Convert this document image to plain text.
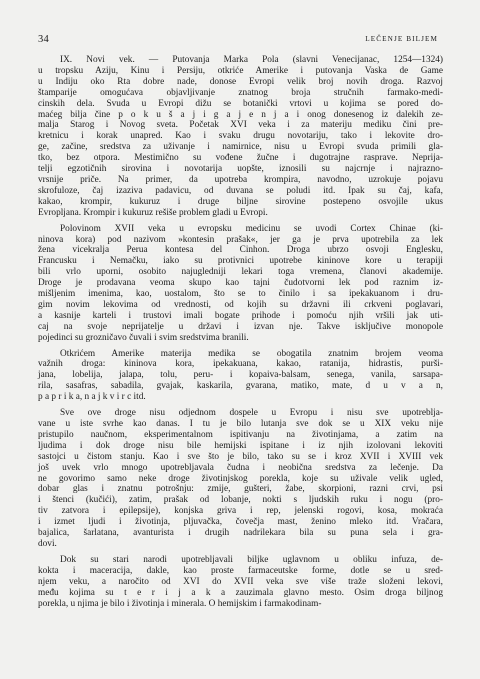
34	LEČENJE BILJEM
IX. Novi vek. — Putovanja Marka Pola (slavni Venecijanac, 1254—1324)
u tropsku Aziju, Kinu i Persiju, otkriće Amerike i putovanja Vaska de Game
u Indiju oko Rta dobre nade, donose Evropi velik broj novih droga. Razvoj
štamparije omogućava objavljivanje znatnog broja stručnih farmako-medi-
cinskih dela. Svuda u Evropi dižu se botanički vrtovi u kojima se pored do-
maćeg bilja čine p o k u š a j i g a j e n j a i onog donesenog iz dalekih ze-
malja Starog i Novog sveta. Početak XVI veka i za materiju mediku čini pre-
kretnicu i korak unapred. Kao i svaku drugu novotariju, tako i lekovite dro-
ge, začine, sredstva za uživanje i namirnice, nisu u Evropi svuda primili gla-
tko, bez otpora. Mestimično su vođene žučne i dugotrajne rasprave. Neprija-
telji egzotičnih sirovina i novotarija uopšte, iznosili su najcrnje i najrazno-
vrsnije priče. Na primer, da upotreba krompira, navodno, uzrokuje pojavu
skrofuloze, čaj izaziva padavicu, od duvana se poludi itd. Ipak su čaj, kafa,
kakao, krompir, kukuruz i druge biljne sirovine postepeno osvojile ukus
Evropljana. Krompir i kukuruz rešiše problem gladi u Evropi.
Polovinom XVII veka u evropsku medicinu se uvodi Cortex Chinae (ki-
ninova kora) pod nazivom »kontesin prašak«, jer ga je prva upotrebila za lek
žena vicekralja Perua kontesa del Cinhon. Droga ubrzo osvoji Englesku,
Francusku i Nemačku, iako su protivnici upotrebe kininove kore u terapiji
bili vrlo uporni, osobito najugledniji lekari toga vremena, članovi akademije.
Droge je prodavana vеoma skupo kao tajni čudotvorni lek pod raznim iz-
mišljenim imenima, kao, uostalom, što se to činilo i sa ipekakuanom i dru-
gim novim lekovima od vrednosti, od kojih su državni ili crkveni poglavari,
a kasnije karteli i trustovi imali bogate prihode i pomoću njih vršili jak uti-
caj na svoje neprijatelje u državi i izvan nje. Takve isključive monopole
pojedinci su grozničavo čuvali i svim sredstvima branili.
Otkrićem Amerike materija medika se obogatila znatnim brojem veoma
važnih droga: kininova kora, ipekakuana, kakao, ratanija, hidrastis, purši-
jana, lobelija, jalapa, tolu, peru- i kopaiva-balsam, senega, vanila, sarsapa-
rila, sasafras, sabadila, gvajak, kaskarila, gvarana, matiko, mate, d u v a n,
p a p r i k a, n a j k v i r c itd.
Sve ove droge nisu odjednom dospele u Evropu i nisu sve upotreblja-
vane u iste svrhe kao danas. I tu je bilo lutanja sve dok se u XIX veku nije
pristupilo naučnom, eksperimentalnom ispitivanju na životinjama, a zatim na
ljudima i dok droge nisu bile hemijski ispitane i iz njih izolovani lekoviti
sastojci u čistom stanju. Kao i sve što je bilo, tako su se i kroz XVII i XVIII vek
još uvek vrlo mnogo upotrebljavala čudna i neobična sredstva za lečenje. Da
ne govorimo samo neke droge životinjskog porekla, koje su uživale velik ugled,
dobar glas i znatnu potrošnju: zmije, gušteri, žabe, skorpioni, razni crvi, psi
i štenci (kučići), zatim, prašak od lobanje, nokti s ljudskih ruku i nogu (pro-
tiv zatvora i epilepsije), konjska griva i rep, jelenski rogovi, kosa, mokraća
i izmet ljudi i životinja, pljuvačka, čovečja mast, ženino mleko itd. Vračara,
bajalica, šarlatana, avanturista i drugih nadrilekara bila su puna sela i gra-
dovi.
Dok su stari narodi upotrebljavali biljke uglavnom u obliku infuza, de-
kokta i maceracija, dakle, kao proste farmaceutske forme, dotle se u sred-
njem veku, a naročito od XVI do XVII veka sve više traže složeni lekovi,
među kojima su t e r i j a k a zauzimala glavno mesto. Osim droga biljnog
porekla, u njima je bilo i životinja i minerala. O hemijskim i farmakodinam-
